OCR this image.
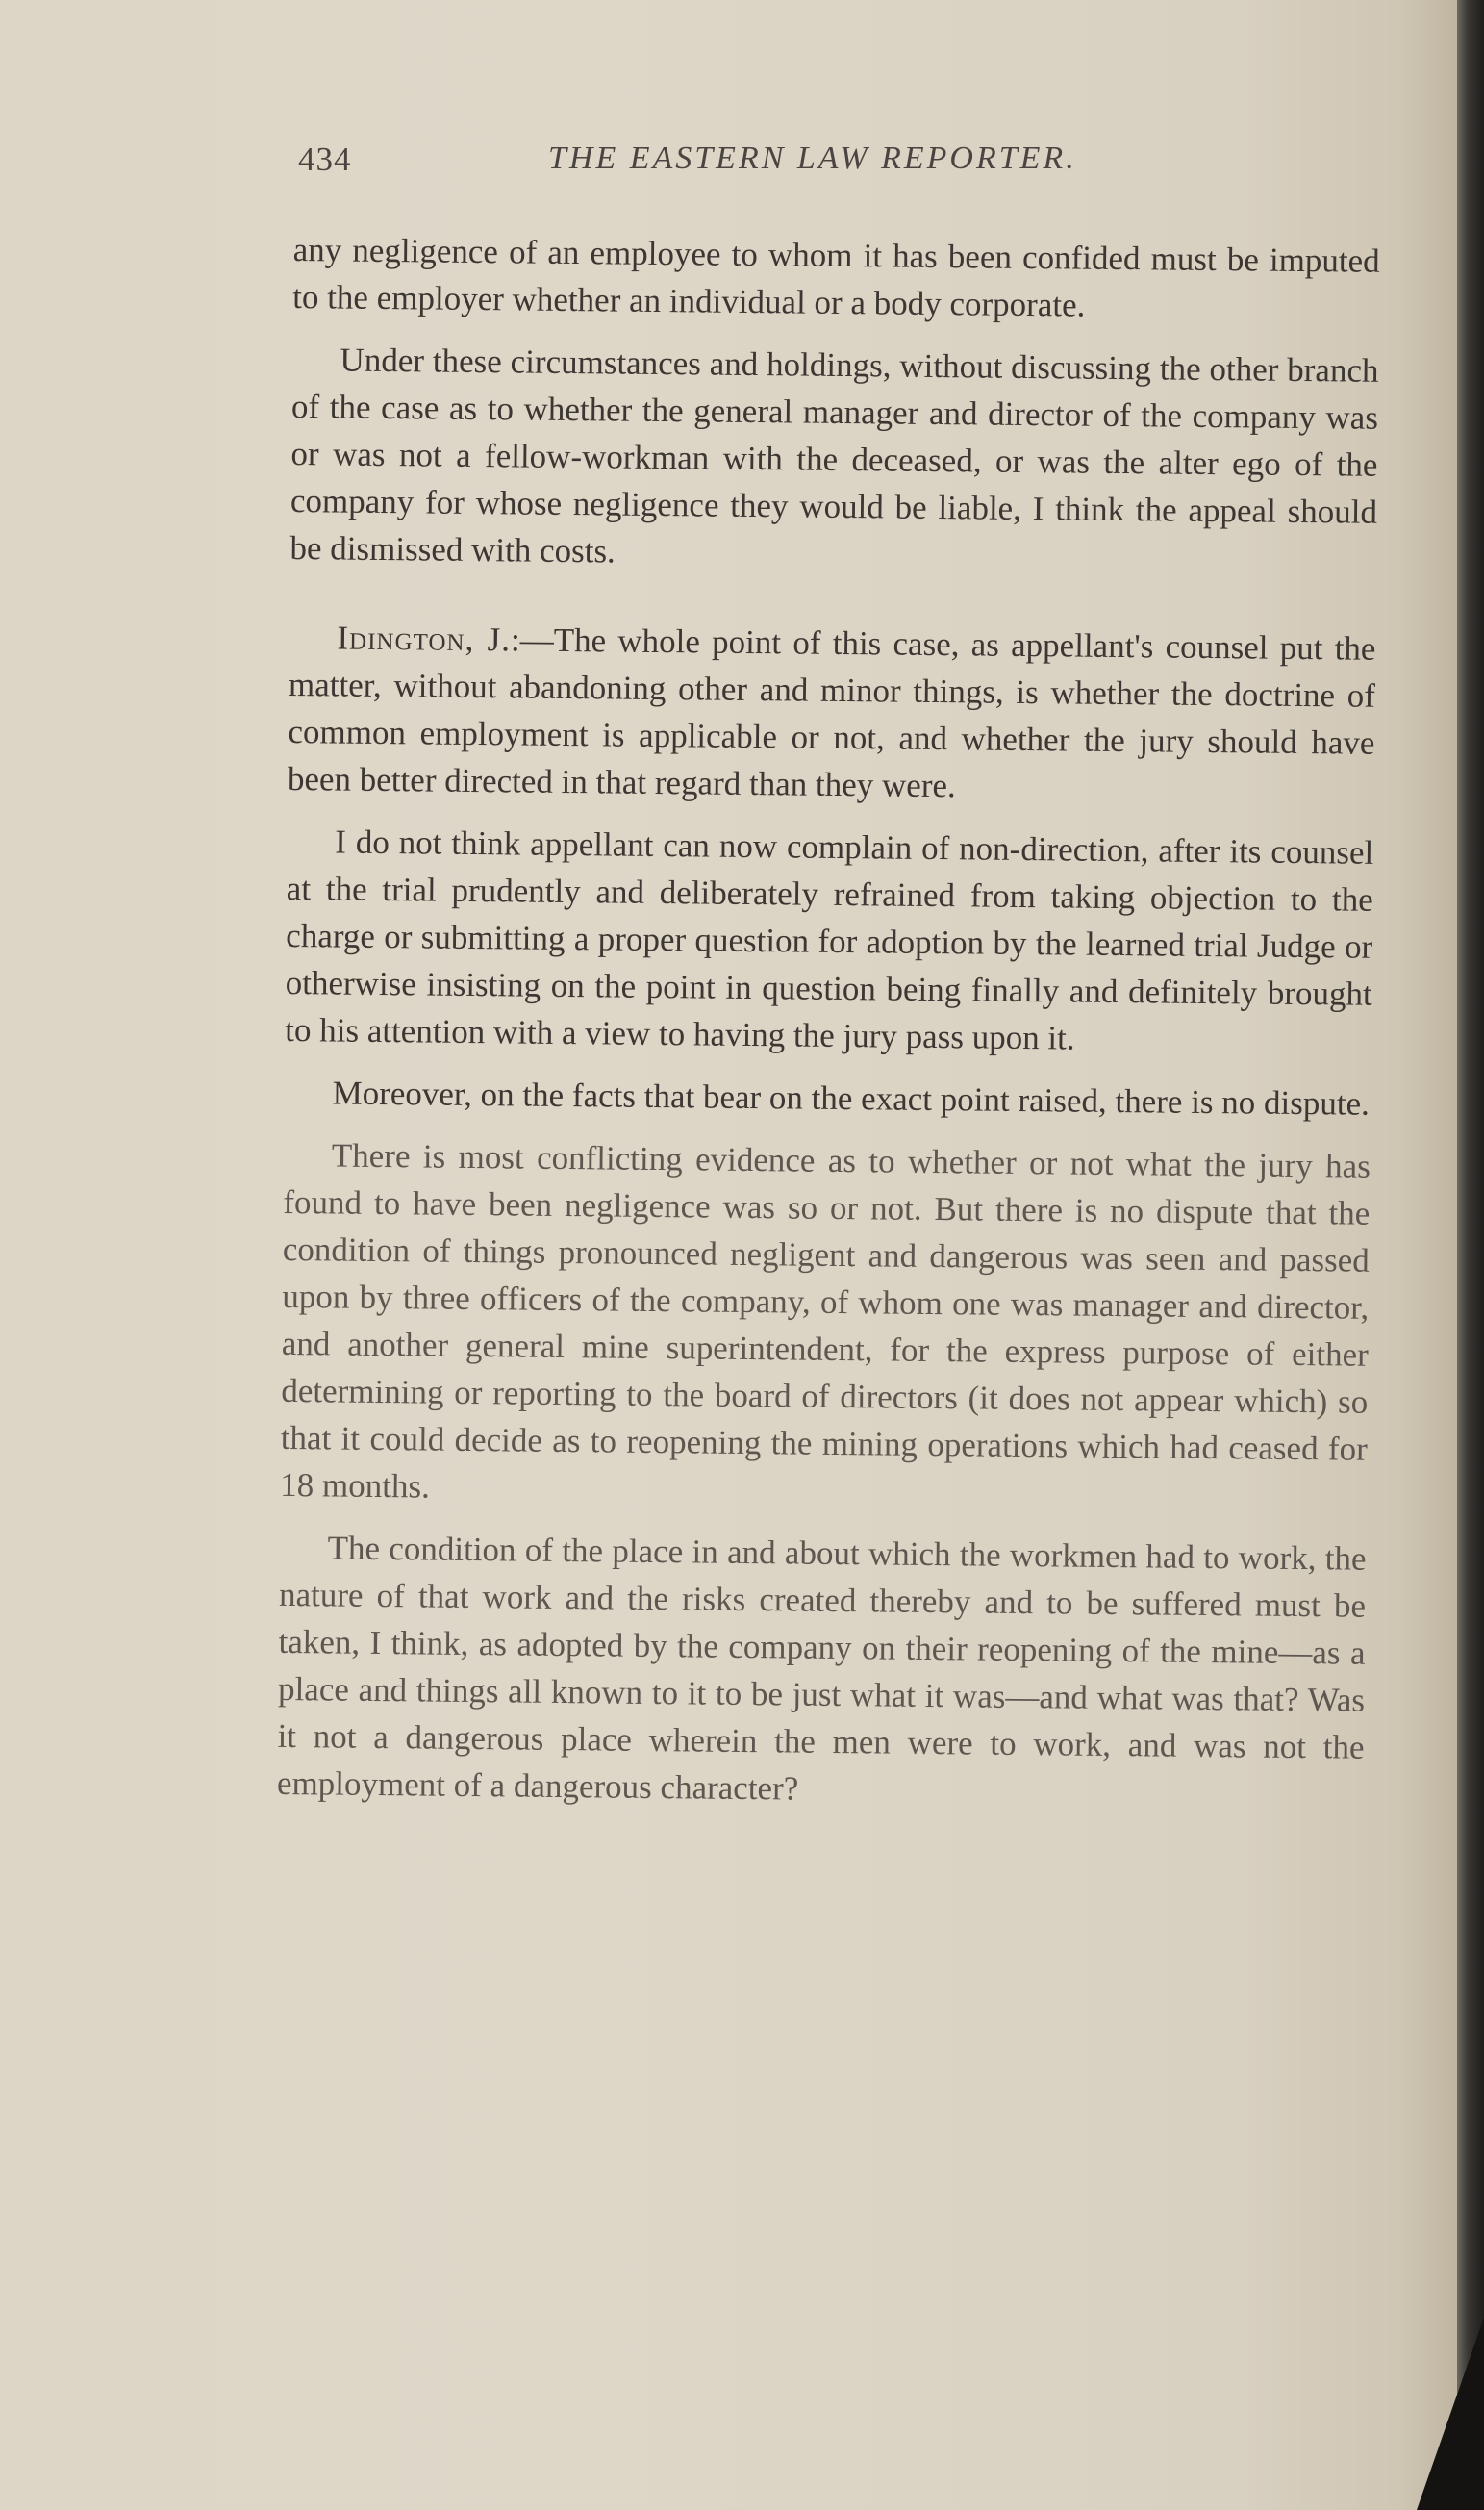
434	THE EASTERN LAW REPORTER.

any negligence of an employee to whom it has been confided must be imputed to the employer whether an individual or a body corporate.

Under these circumstances and holdings, without discussing the other branch of the case as to whether the general manager and director of the company was or was not a fellow-workman with the deceased, or was the alter ego of the company for whose negligence they would be liable, I think the appeal should be dismissed with costs.

Idington, J.:—The whole point of this case, as appellant's counsel put the matter, without abandoning other and minor things, is whether the doctrine of common employment is applicable or not, and whether the jury should have been better directed in that regard than they were.

I do not think appellant can now complain of non-direction, after its counsel at the trial prudently and deliberately refrained from taking objection to the charge or submitting a proper question for adoption by the learned trial Judge or otherwise insisting on the point in question being finally and definitely brought to his attention with a view to having the jury pass upon it.

Moreover, on the facts that bear on the exact point raised, there is no dispute.

There is most conflicting evidence as to whether or not what the jury has found to have been negligence was so or not. But there is no dispute that the condition of things pronounced negligent and dangerous was seen and passed upon by three officers of the company, of whom one was manager and director, and another general mine superintendent, for the express purpose of either determining or reporting to the board of directors (it does not appear which) so that it could decide as to reopening the mining operations which had ceased for 18 months.

The condition of the place in and about which the workmen had to work, the nature of that work and the risks created thereby and to be suffered must be taken, I think, as adopted by the company on their reopening of the mine—as a place and things all known to it to be just what it was—and what was that? Was it not a dangerous place wherein the men were to work, and was not the employment of a dangerous character?
